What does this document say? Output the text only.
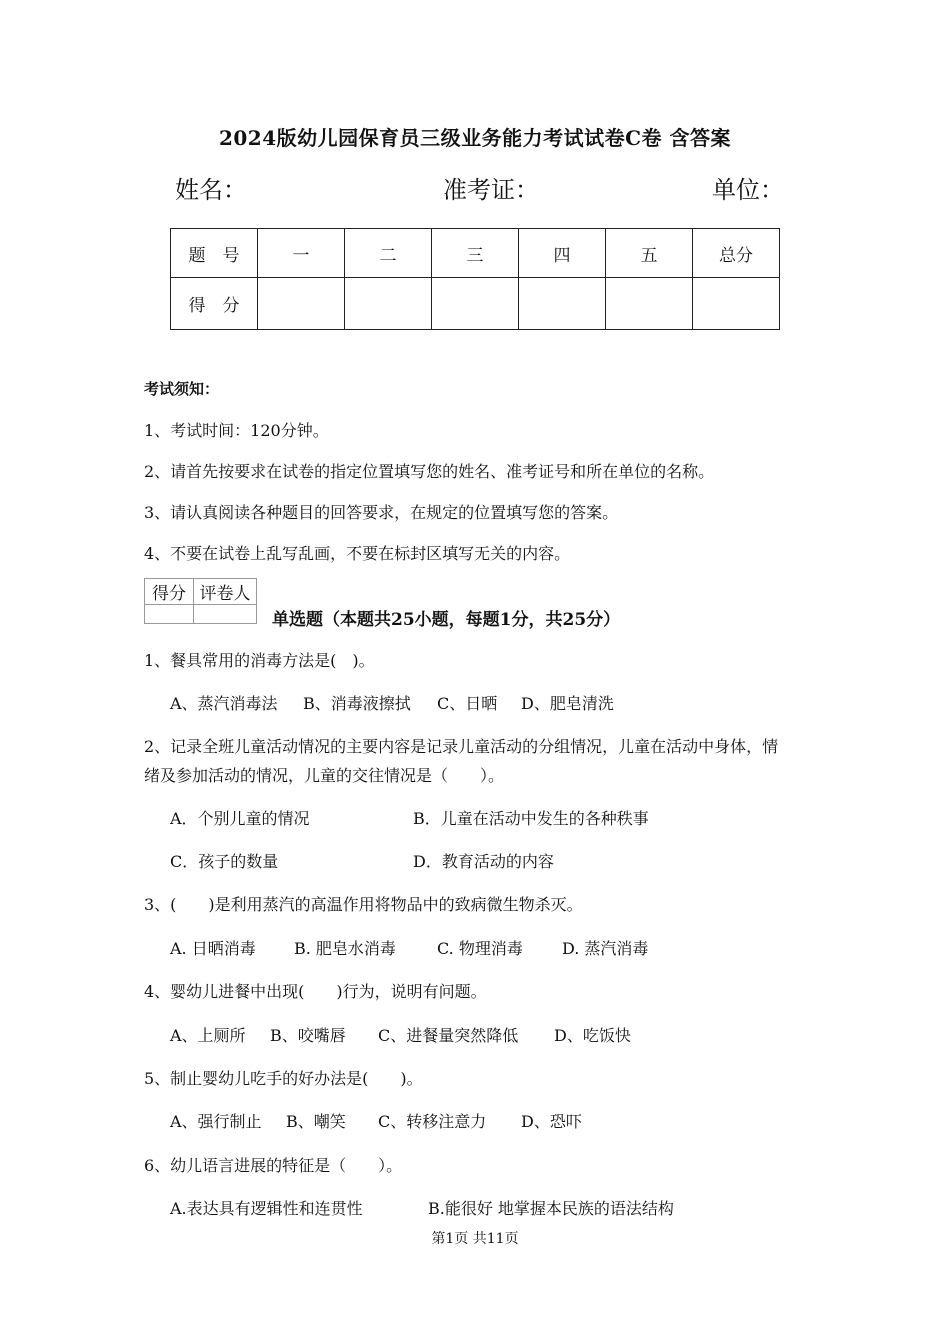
2024版幼儿园保育员三级业务能力考试试卷C卷 含答案
姓名：	准考证：	单位：
题　号	一	二	三	四	五	总分
得　分						
考试须知：
1、考试时间：120分钟。
2、请首先按要求在试卷的指定位置填写您的姓名、准考证号和所在单位的名称。
3、请认真阅读各种题目的回答要求，在规定的位置填写您的答案。
4、不要在试卷上乱写乱画，不要在标封区填写无关的内容。
得分	评卷人

单选题（本题共25小题，每题1分，共25分）
1、餐具常用的消毒方法是(　)。
A、蒸汽消毒法 B、消毒液擦拭 C、日晒 D、肥皂清洗
2、记录全班儿童活动情况的主要内容是记录儿童活动的分组情况，儿童在活动中身体，情
绪及参加活动的情况，儿童的交往情况是（　　）。
A．个别儿童的情况	B．儿童在活动中发生的各种秩事
C．孩子的数量	D．教育活动的内容
3、(　　)是利用蒸汽的高温作用将物品中的致病微生物杀灭。
A. 日晒消毒 B. 肥皂水消毒	C. 物理消毒 D. 蒸汽消毒
4、婴幼儿进餐中出现(　　)行为，说明有问题。
A、上厕所 B、咬嘴唇 C、进餐量突然降低 D、吃饭快
5、制止婴幼儿吃手的好办法是(　　)。
A、强行制止 B、嘲笑 C、转移注意力 D、恐吓
6、幼儿语言进展的特征是（　　）。
A.表达具有逻辑性和连贯性	B.能很好 地掌握本民族的语法结构
第1页 共11页
